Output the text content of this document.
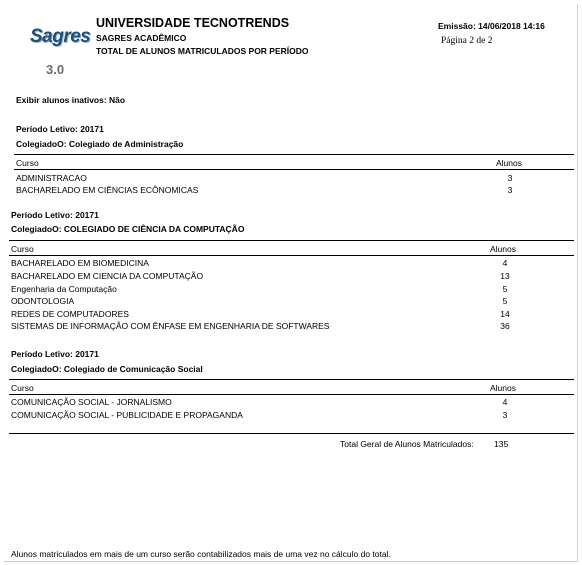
Sagres
3.0
UNIVERSIDADE TECNOTRENDS
SAGRES ACADÊMICO
TOTAL DE ALUNOS MATRICULADOS POR PERÍODO
Emissão: 14/06/2018 14:16
Página 2 de 2
Exibir alunos inativos: Não
Período Letivo: 20171
ColegiadoO: Colegiado de Administração
Curso	Alunos
ADMINISTRACAO	3
BACHARELADO EM CIÊNCIAS ECÔNOMICAS	3
Período Letivo: 20171
ColegiadoO: COLEGIADO DE CIÊNCIA DA COMPUTAÇÃO
Curso	Alunos
BACHARELADO EM BIOMEDICINA	4
BACHARELADO EM CIENCIA DA COMPUTAÇÃO	13
Engenharia da Computação	5
ODONTOLOGIA	5
REDES DE COMPUTADORES	14
SISTEMAS DE INFORMAÇÃO COM ÊNFASE EM ENGENHARIA DE SOFTWARES	36
Período Letivo: 20171
ColegiadoO: Colegiado de Comunicação Social
Curso	Alunos
COMUNICAÇÃO SOCIAL - JORNALISMO	4
COMUNICAÇÃO SOCIAL - PUBLICIDADE E PROPAGANDA	3
Total Geral de Alunos Matriculados: 135
Alunos matriculados em mais de um curso serão contabilizados mais de uma vez no cálculo do total.
